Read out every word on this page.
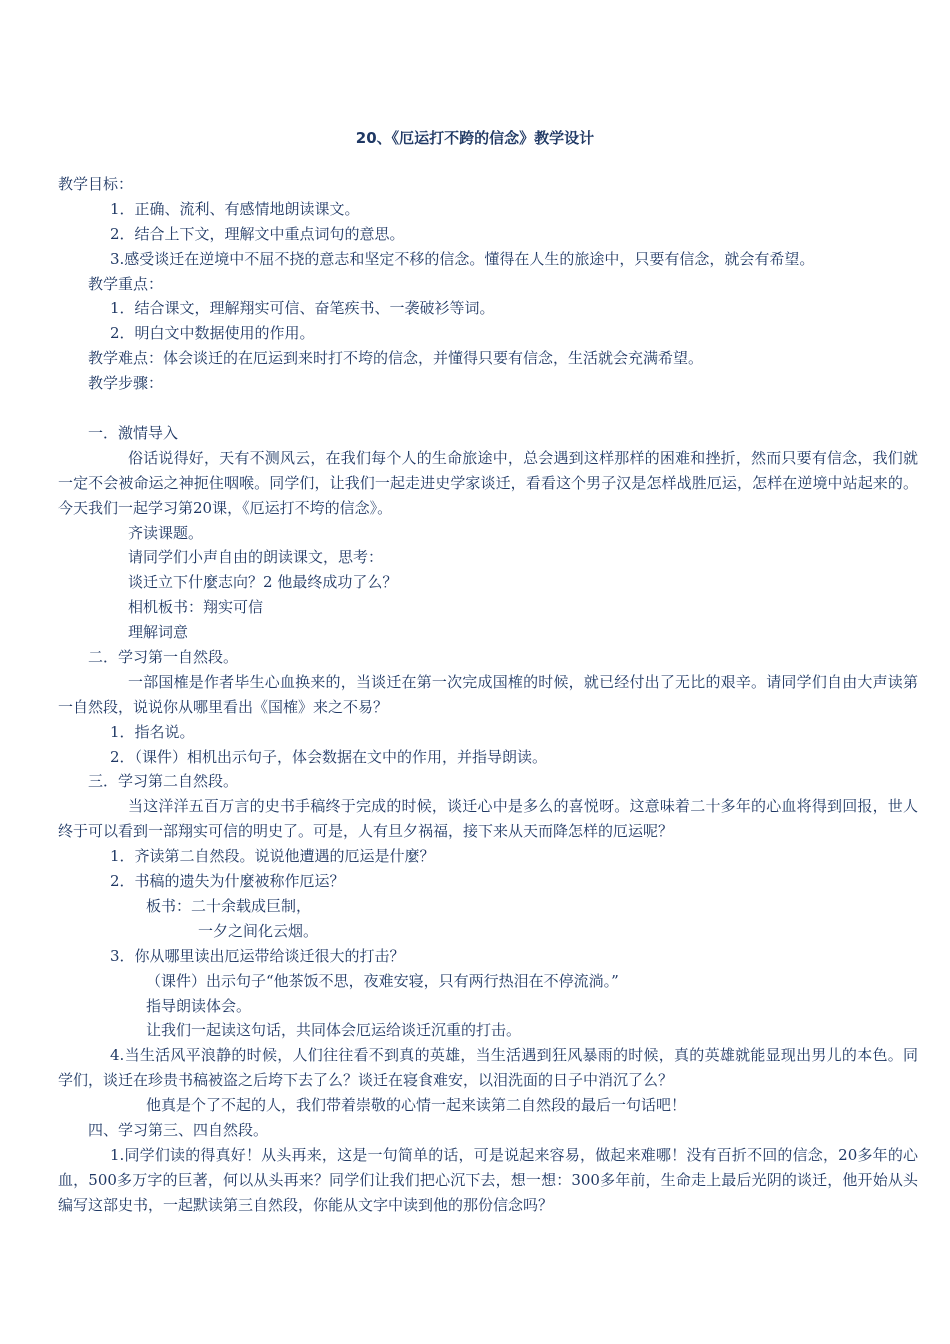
20、《厄运打不跨的信念》教学设计
教学目标：
1．正确、流利、有感情地朗读课文。
2．结合上下文，理解文中重点词句的意思。
3.感受谈迁在逆境中不屈不挠的意志和坚定不移的信念。懂得在人生的旅途中，只要有信念，就会有希望。
教学重点：
1．结合课文，理解翔实可信、奋笔疾书、一袭破衫等词。
2．明白文中数据使用的作用。
教学难点：体会谈迁的在厄运到来时打不垮的信念，并懂得只要有信念，生活就会充满希望。
教学步骤：
一．激情导入
俗话说得好，天有不测风云，在我们每个人的生命旅途中，总会遇到这样那样的困难和挫折，然而只要有信念，我们就一定不会被命运之神扼住咽喉。同学们，让我们一起走进史学家谈迁，看看这个男子汉是怎样战胜厄运，怎样在逆境中站起来的。今天我们一起学习第20课，《厄运打不垮的信念》。
齐读课题。
请同学们小声自由的朗读课文，思考：
谈迁立下什麼志向？2 他最终成功了么？
相机板书：翔实可信
理解词意
二．学习第一自然段。
一部国榷是作者毕生心血换来的，当谈迁在第一次完成国榷的时候，就已经付出了无比的艰辛。请同学们自由大声读第一自然段，说说你从哪里看出《国榷》来之不易？
1．指名说。
2．（课件）相机出示句子，体会数据在文中的作用，并指导朗读。
三．学习第二自然段。
当这洋洋五百万言的史书手稿终于完成的时候，谈迁心中是多么的喜悦呀。这意味着二十多年的心血将得到回报，世人终于可以看到一部翔实可信的明史了。可是，人有旦夕祸福，接下来从天而降怎样的厄运呢？
1．齐读第二自然段。说说他遭遇的厄运是什麼？
2．书稿的遗失为什麼被称作厄运？
板书：二十余载成巨制，
一夕之间化云烟。
3．你从哪里读出厄运带给谈迁很大的打击？
（课件）出示句子“他茶饭不思，夜难安寝，只有两行热泪在不停流淌。”
指导朗读体会。
让我们一起读这句话，共同体会厄运给谈迁沉重的打击。
4.当生活风平浪静的时候，人们往往看不到真的英雄，当生活遇到狂风暴雨的时候，真的英雄就能显现出男儿的本色。同学们，谈迁在珍贵书稿被盗之后垮下去了么？谈迁在寝食难安，以泪洗面的日子中消沉了么？
他真是个了不起的人，我们带着崇敬的心情一起来读第二自然段的最后一句话吧！
四、学习第三、四自然段。
1.同学们读的得真好！从头再来，这是一句简单的话，可是说起来容易，做起来难哪！没有百折不回的信念，20多年的心血，500多万字的巨著，何以从头再来？同学们让我们把心沉下去，想一想：300多年前，生命走上最后光阴的谈迁，他开始从头编写这部史书，一起默读第三自然段，你能从文字中读到他的那份信念吗？
